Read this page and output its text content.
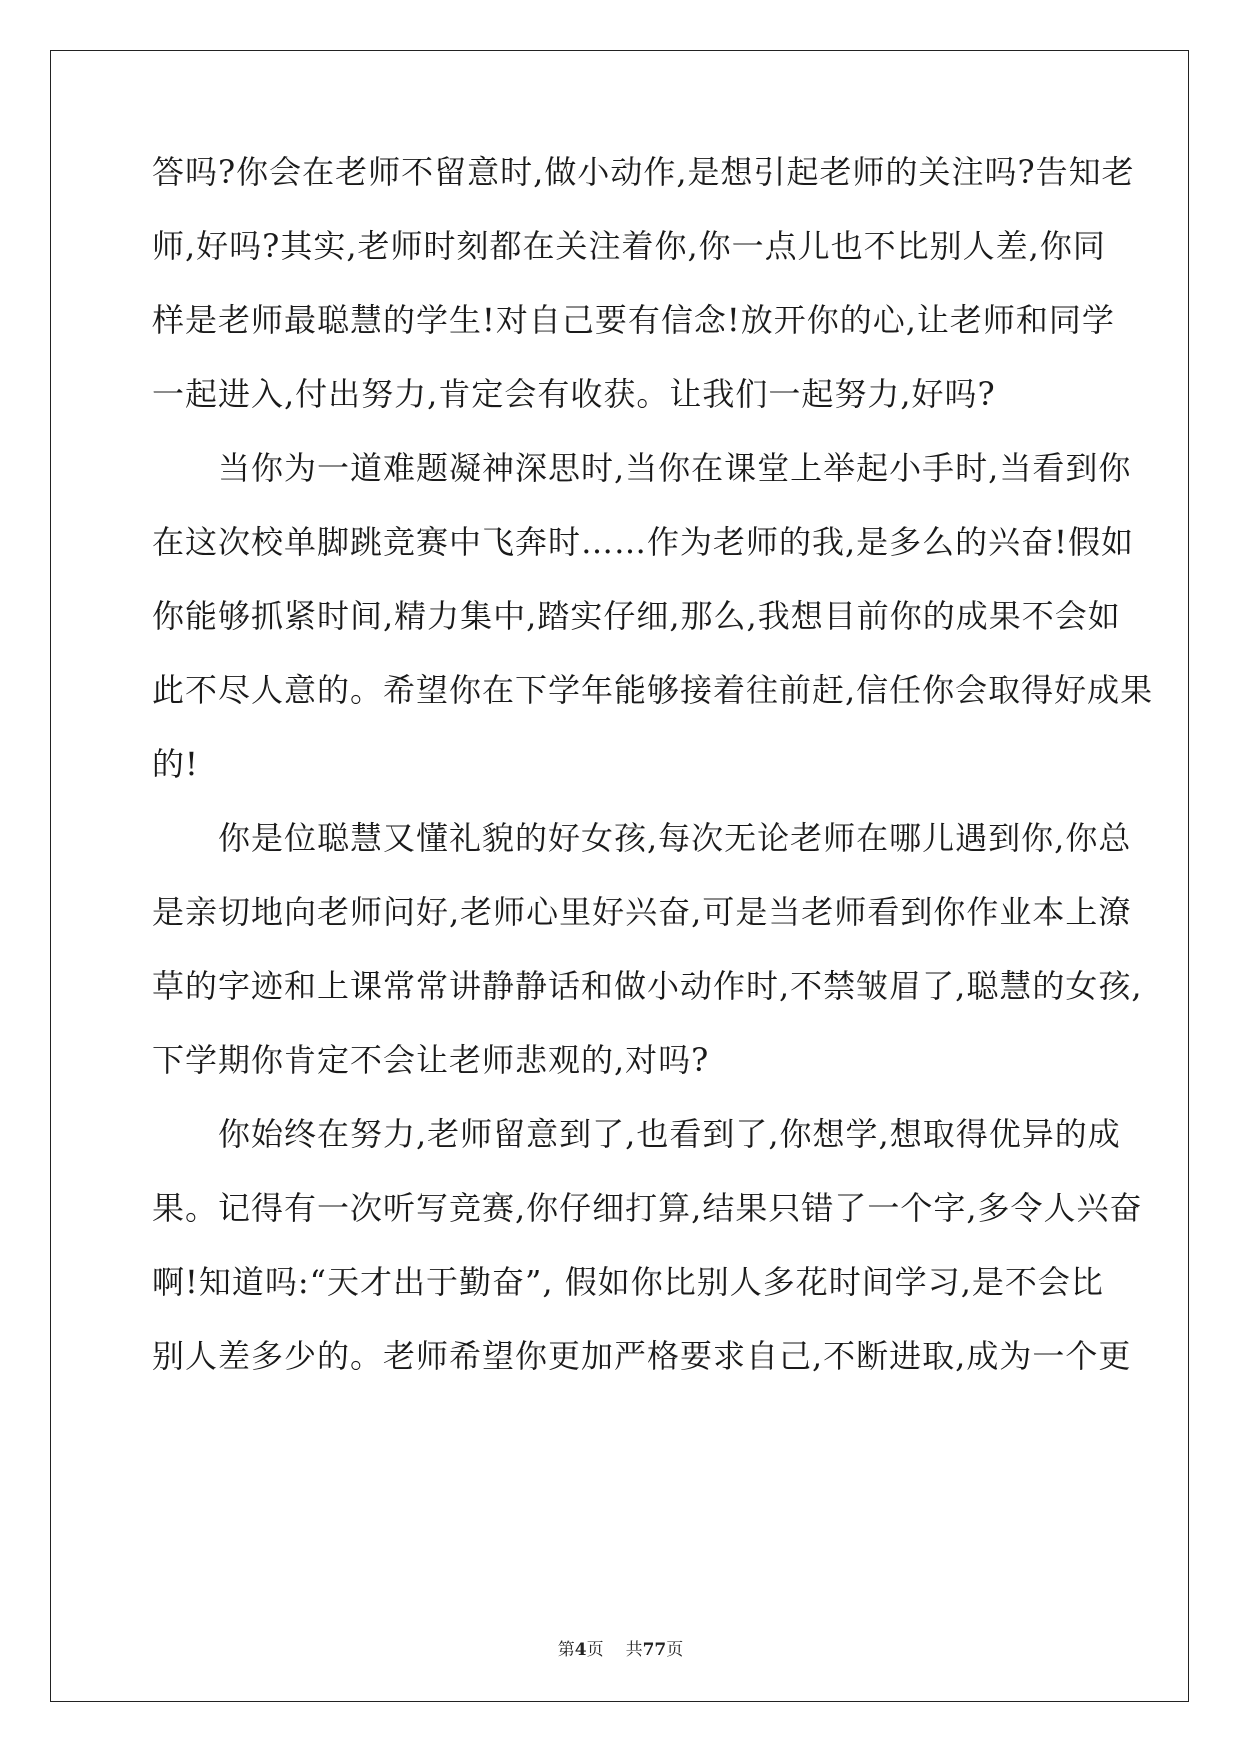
答吗?你会在老师不留意时,做小动作,是想引起老师的关注吗?告知老
师,好吗?其实,老师时刻都在关注着你,你一点儿也不比别人差,你同
样是老师最聪慧的学生!对自己要有信念!放开你的心,让老师和同学
一起进入,付出努力,肯定会有收获。让我们一起努力,好吗?
　　当你为一道难题凝神深思时,当你在课堂上举起小手时,当看到你
在这次校单脚跳竞赛中飞奔时……作为老师的我,是多么的兴奋!假如
你能够抓紧时间,精力集中,踏实仔细,那么,我想目前你的成果不会如
此不尽人意的。希望你在下学年能够接着往前赶,信任你会取得好成果
的!
　　你是位聪慧又懂礼貌的好女孩,每次无论老师在哪儿遇到你,你总
是亲切地向老师问好,老师心里好兴奋,可是当老师看到你作业本上潦
草的字迹和上课常常讲静静话和做小动作时,不禁皱眉了,聪慧的女孩,
下学期你肯定不会让老师悲观的,对吗?
　　你始终在努力,老师留意到了,也看到了,你想学,想取得优异的成
果。记得有一次听写竞赛,你仔细打算,结果只错了一个字,多令人兴奋
啊!知道吗:“天才出于勤奋”, 假如你比别人多花时间学习,是不会比
别人差多少的。老师希望你更加严格要求自己,不断进取,成为一个更
第4页 共77页
